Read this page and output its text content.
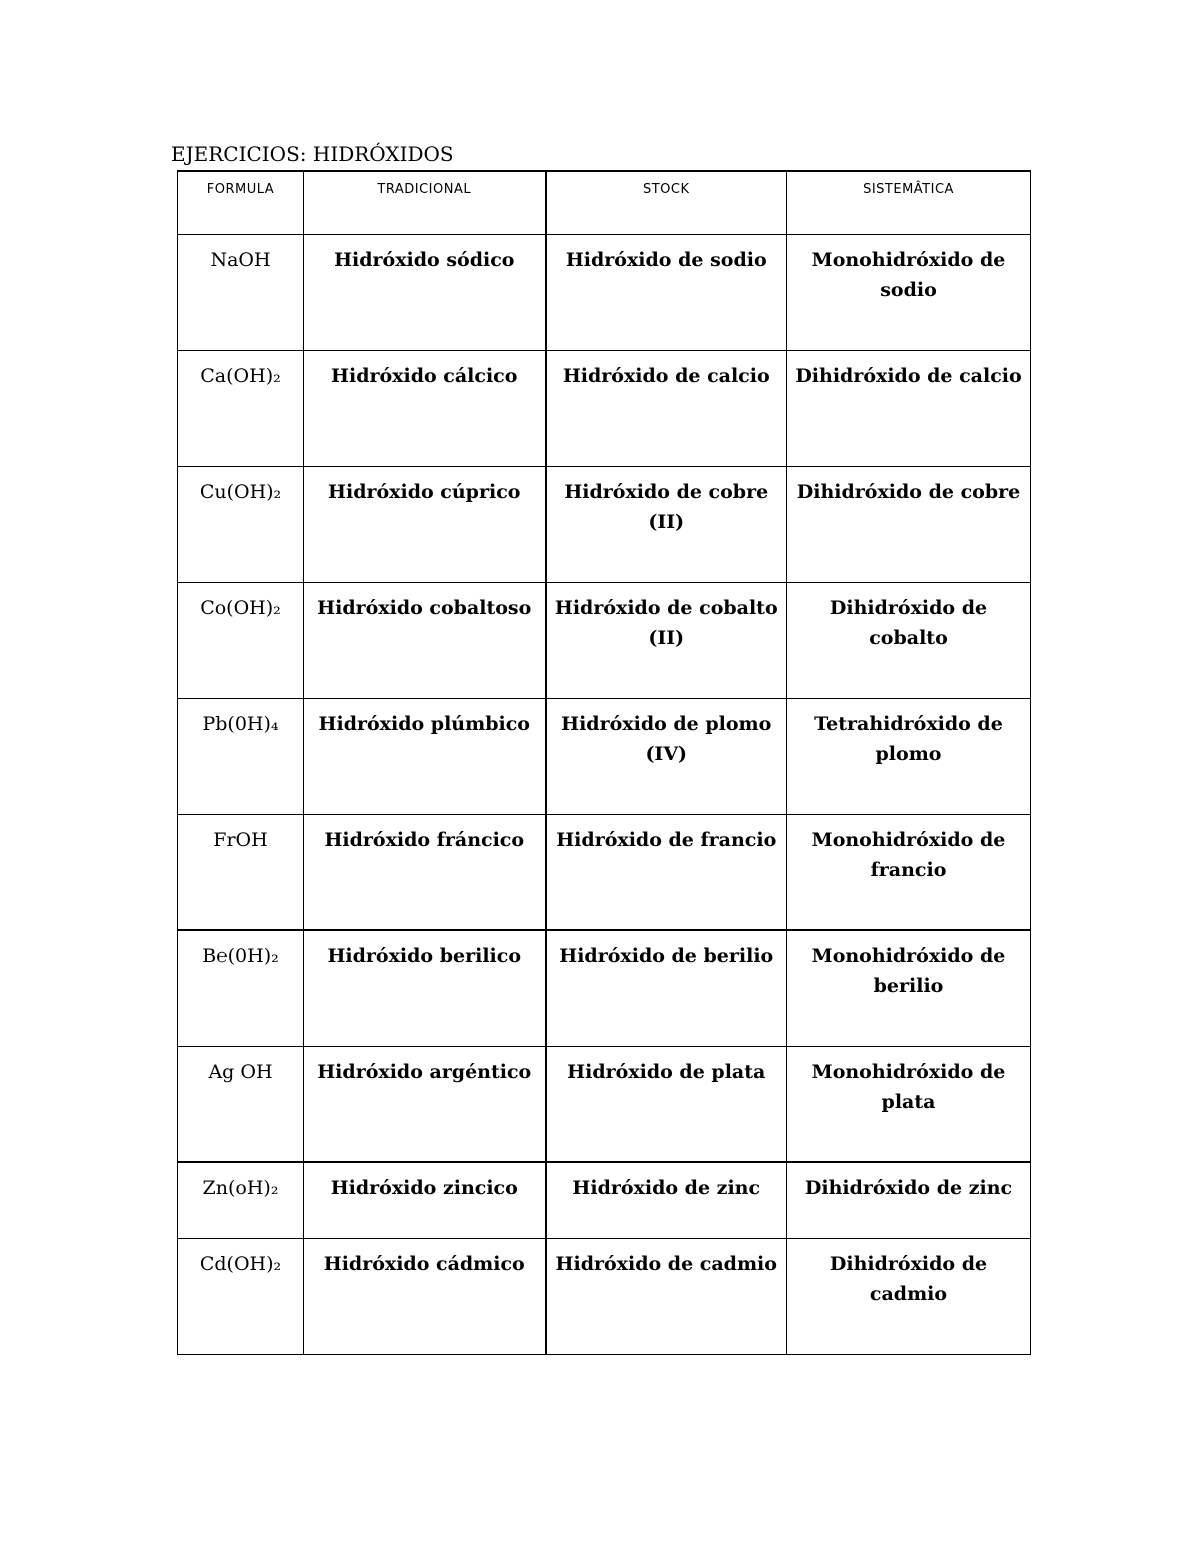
EJERCICIOS: HIDRÓXIDOS
FORMULA	TRADICIONAL	STOCK	SISTEMÂTICA
NaOH	Hidróxido sódico	Hidróxido de sodio	Monohidróxido de sodio
Ca(OH)₂	Hidróxido cálcico	Hidróxido de calcio	Dihidróxido de calcio
Cu(OH)₂	Hidróxido cúprico	Hidróxido de cobre (II)	Dihidróxido de cobre
Co(OH)₂	Hidróxido cobaltoso	Hidróxido de cobalto (II)	Dihidróxido de cobalto
Pb(0H)₄	Hidróxido plúmbico	Hidróxido de plomo (IV)	Tetrahidróxido de plomo
FrOH	Hidróxido fráncico	Hidróxido de francio	Monohidróxido de francio
B℮(0H)₂	Hidróxido berilico	Hidróxido de berilio	Monohidróxido de berilio
Ag OH	Hidróxido argéntico	Hidróxido de plata	Monohidróxido de plata
Zn(oH)₂	Hidróxido zincico	Hidróxido de zinc	Dihidróxido de zinc
Cd(OH)₂	Hidróxido cádmico	Hidróxido de cadmio	Dihidróxido de cadmio
